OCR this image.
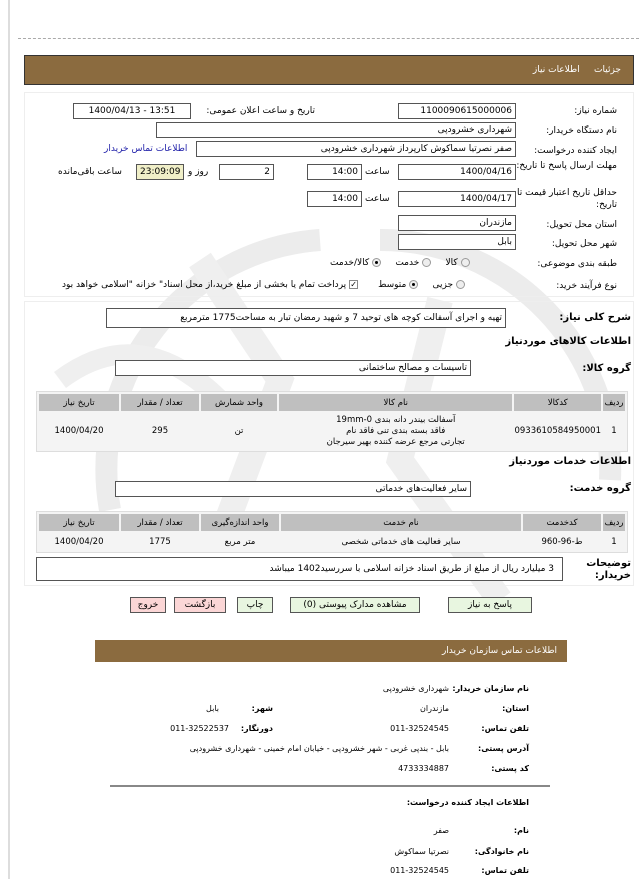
جزئیات     اطلاعات نیاز
شماره نیاز:
1100090615000006
تاریخ و ساعت اعلان عمومی:
1400/04/13 - 13:51
نام دستگاه خریدار:
شهرداری خشرودپی
ایجاد کننده درخواست:
صفر نصرتیا سماکوش کارپرداز شهرداری خشرودپی
اطلاعات تماس خریدار
مهلت ارسال پاسخ تا تاریخ:
1400/04/16
ساعت
14:00
2
روز و
23:09:09
ساعت باقی‌مانده
حداقل تاریخ اعتبار قیمت تا تاریخ:
1400/04/17
ساعت
14:00
استان محل تحویل:
مازندران
شهر محل تحویل:
بابل
طبقه بندی موضوعی:
کالا      خدمت      کالا/خدمت
نوع فرآیند خرید:
جزیی      متوسط       ✓ پرداخت تمام یا بخشی از مبلغ خرید،از محل اسناد" خزانه "اسلامی خواهد بود
شرح کلی نیاز:
تهیه و اجرای آسفالت کوچه های توحید 7 و شهید رمضان تبار به مساحت1775 مترمربع
اطلاعات کالاهای موردنیاز
گروه کالا:
تاسیسات و مصالح ساختمانی
ردیف	کدکالا	نام کالا	واحد شمارش	تعداد / مقدار	تاریخ نیاز
1	0933610584950001	آسفالت بیندر دانه بندی 0-19mm
فاقد بسته بندی تنی فاقد نام
تجارتی مرجع عرضه کننده بهیر سیرجان	تن	295	1400/04/20
اطلاعات خدمات موردنیاز
گروه خدمت:
سایر فعالیت‌های خدماتی
ردیف	کدخدمت	نام خدمت	واحد اندازه‌گیری	تعداد / مقدار	تاریخ نیاز
1	ط-96-960	سایر فعالیت های خدماتی شخصی	متر مربع	1775	1400/04/20
توضیحات خریدار:
3 میلیارد ریال از مبلغ از طریق اسناد خزانه اسلامی با سررسید1402 میباشد
پاسخ به نیاز
مشاهده مدارک پیوستی (0)
چاپ
بازگشت
خروج
اطلاعات تماس سازمان خریدار
نام سازمان خریدار:
شهرداری خشرودپی
استان:
مازندران
شهر:
بابل
تلفن تماس:
011-32524545
دورنگار:
011-32522537
آدرس پستی:
بابل - بندپی غربی - شهر خشرودپی - خیابان امام خمینی - شهرداری خشرودپی
کد پستی:
4733334887
اطلاعات ایجاد کننده درخواست:
نام:
صفر
نام خانوادگی:
نصرتیا سماکوش
تلفن تماس:
011-32524545
